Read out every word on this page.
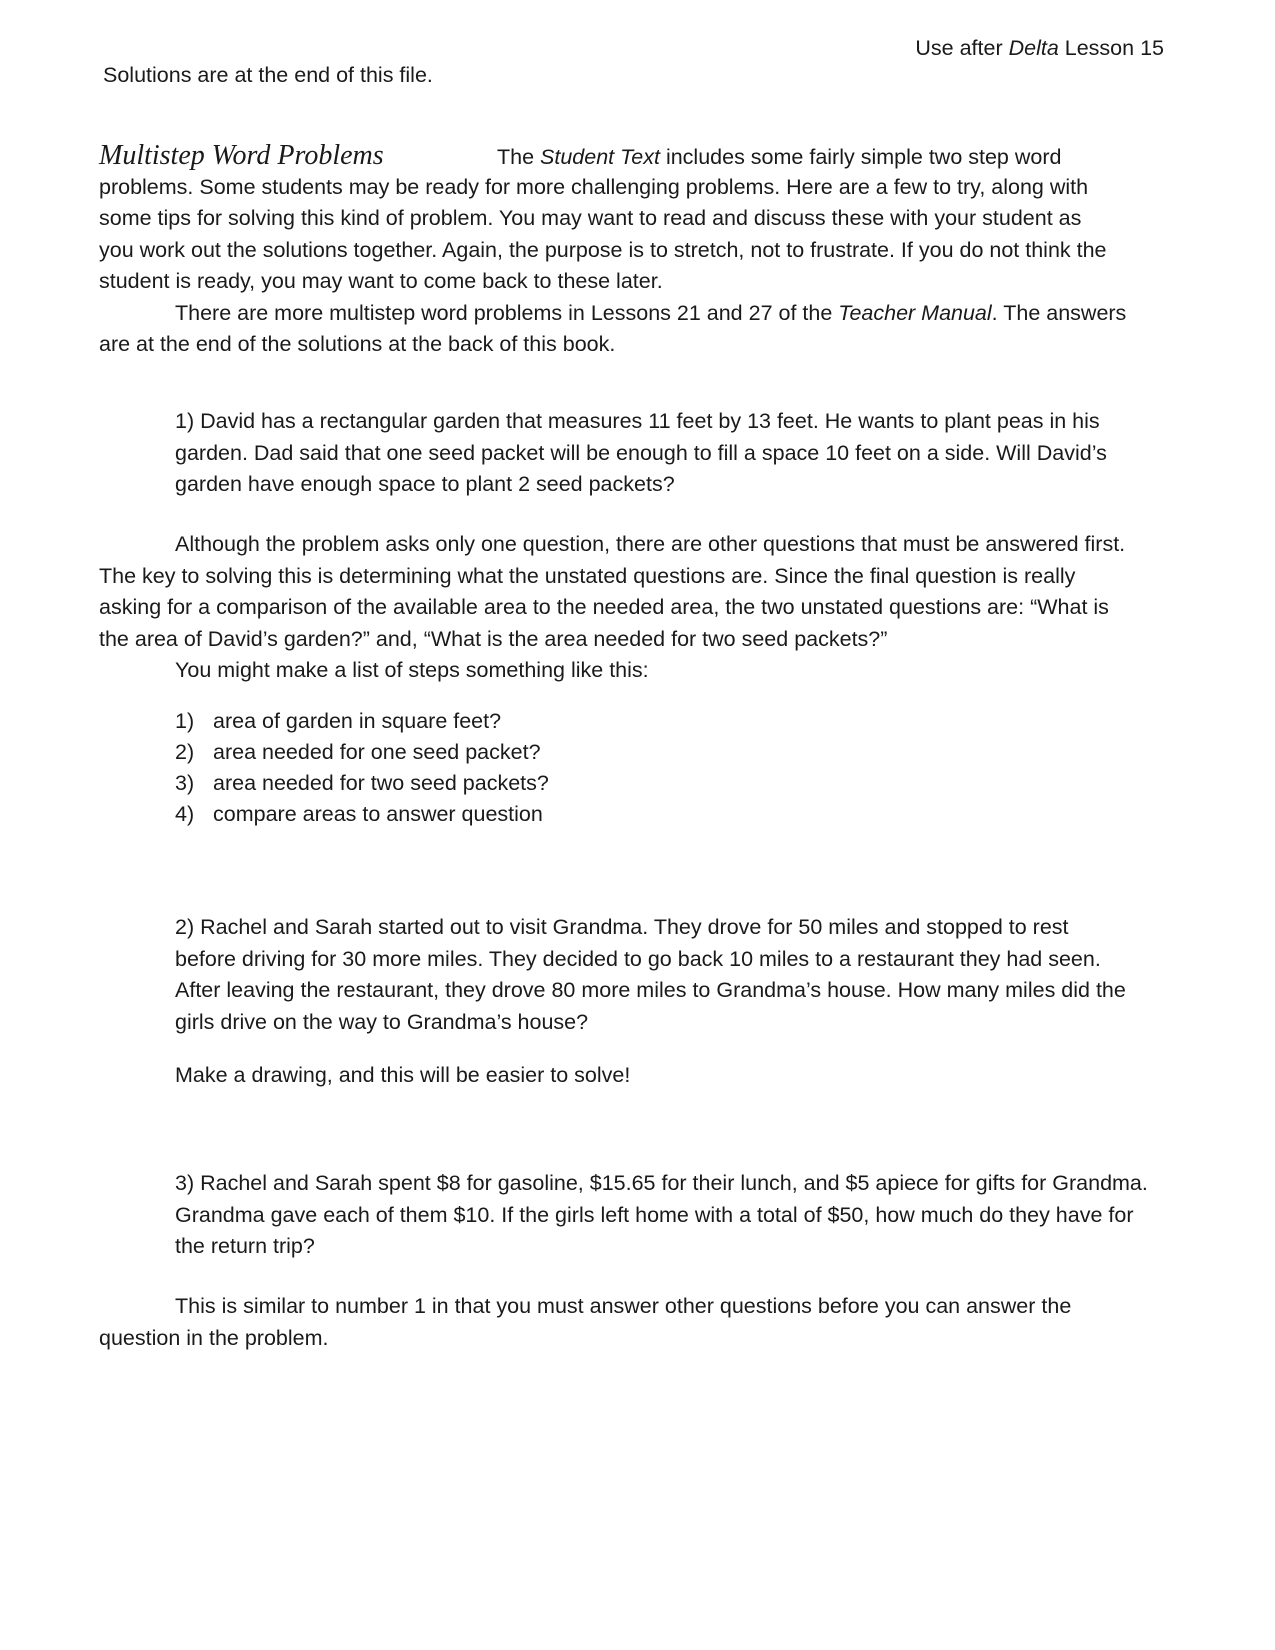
Use after Delta Lesson 15
Solutions are at the end of this file.
Multistep Word Problems	The Student Text includes some fairly simple two step word
problems. Some students may be ready for more challenging problems. Here are a few to try, along with
some tips for solving this kind of problem. You may want to read and discuss these with your student as
you work out the solutions together. Again, the purpose is to stretch, not to frustrate. If you do not think the
student is ready, you may want to come back to these later.
There are more multistep word problems in Lessons 21 and 27 of the Teacher Manual. The answers
are at the end of the solutions at the back of this book.
1) David has a rectangular garden that measures 11 feet by 13 feet. He wants to plant peas in his
garden. Dad said that one seed packet will be enough to fill a space 10 feet on a side. Will David’s
garden have enough space to plant 2 seed packets?
Although the problem asks only one question, there are other questions that must be answered first.
The key to solving this is determining what the unstated questions are. Since the final question is really
asking for a comparison of the available area to the needed area, the two unstated questions are: “What is
the area of David’s garden?” and, “What is the area needed for two seed packets?”
You might make a list of steps something like this:
1) area of garden in square feet?
2) area needed for one seed packet?
3) area needed for two seed packets?
4) compare areas to answer question
2) Rachel and Sarah started out to visit Grandma. They drove for 50 miles and stopped to rest
before driving for 30 more miles. They decided to go back 10 miles to a restaurant they had seen.
After leaving the restaurant, they drove 80 more miles to Grandma’s house. How many miles did the
girls drive on the way to Grandma’s house?
Make a drawing, and this will be easier to solve!
3) Rachel and Sarah spent $8 for gasoline, $15.65 for their lunch, and $5 apiece for gifts for Grandma.
Grandma gave each of them $10. If the girls left home with a total of $50, how much do they have for
the return trip?
This is similar to number 1 in that you must answer other questions before you can answer the
question in the problem.
